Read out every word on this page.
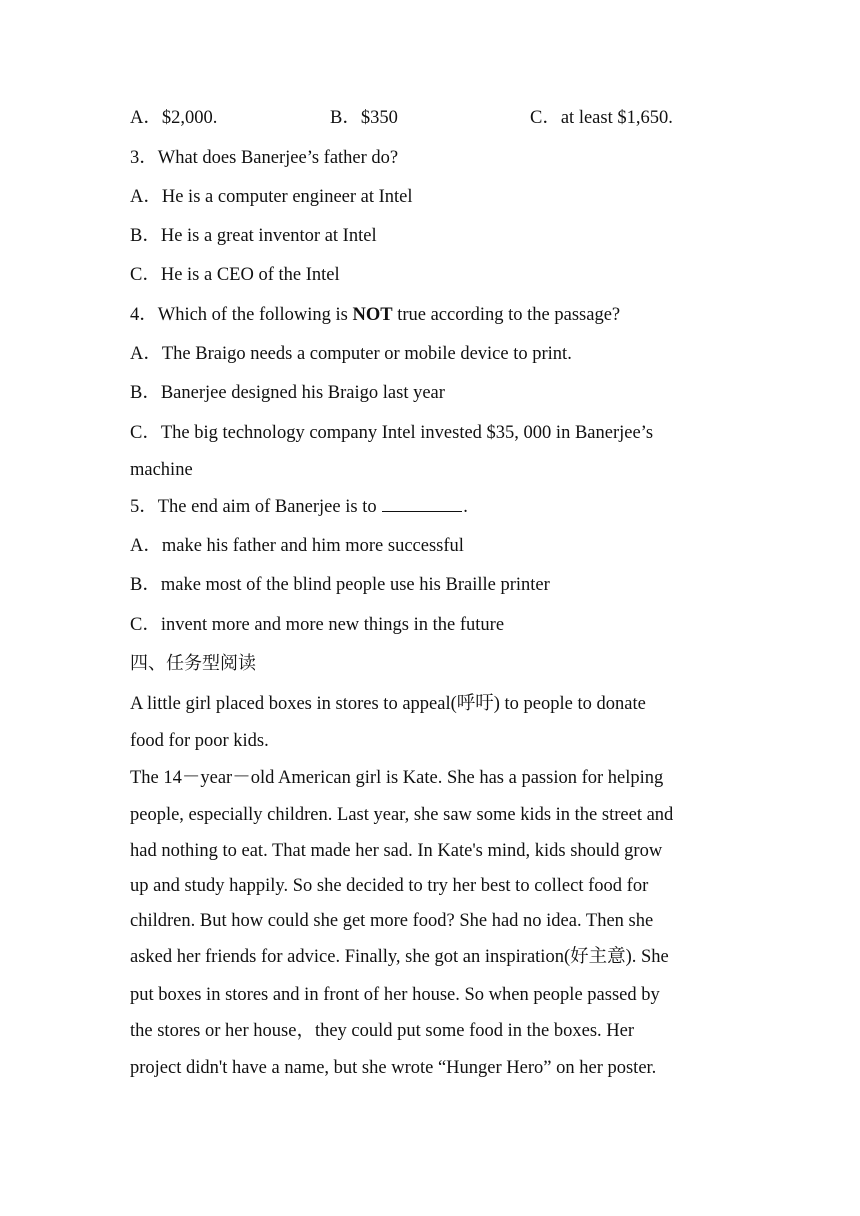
A．$2,000.	B．$350	C．at least $1,650.
3．What does Banerjee’s father do?
A．He is a computer engineer at Intel
B．He is a great inventor at Intel
C．He is a CEO of the Intel
4．Which of the following is NOT true according to the passage?
A．The Braigo needs a computer or mobile device to print.
B．Banerjee designed his Braigo last year
C．The big technology company Intel invested $35, 000 in Banerjee’s
machine
5．The end aim of Banerjee is to	.
A．make his father and him more successful
B．make most of the blind people use his Braille printer
C．invent more and more new things in the future
四、任务型阅读
A little girl placed boxes in stores to appeal(呼吁) to people to donate
food for poor kids.
The 14－year－old American girl is Kate. She has a passion for helping
people, especially children. Last year, she saw some kids in the street and
had nothing to eat. That made her sad. In Kate's mind, kids should grow
up and study happily. So she decided to try her best to collect food for
children. But how could she get more food? She had no idea. Then she
asked her friends for advice. Finally, she got an inspiration(好主意). She
put boxes in stores and in front of her house. So when people passed by
the stores or her house，they could put some food in the boxes. Her
project didn't have a name, but she wrote “Hunger Hero” on her poster.
